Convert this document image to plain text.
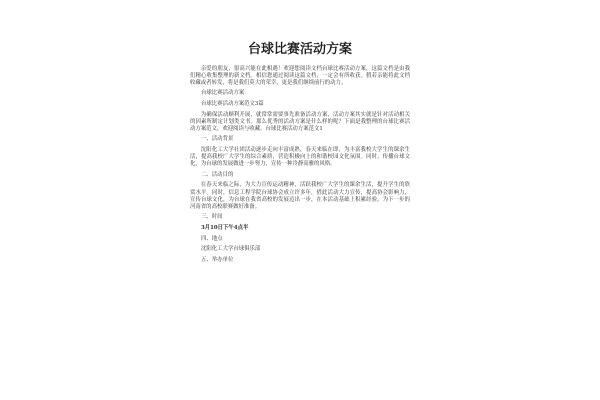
台球比赛活动方案

亲爱的朋友，很高兴能在此相遇！欢迎您阅读文档台球比赛活动方案，这篇文档是由我们精心收集整理的新文档。相信您通过阅读这篇文档，一定会有所收获。假若亲能将此文档收藏或者转发，将是我们莫大的荣幸，更是我们继续前行的动力。

台球比赛活动方案
台球比赛活动方案范文3篇

为确保活动顺利开展，就常常需要事先准备活动方案，活动方案其实就是针对活动相关的因素所制定计划类文书。那么优秀的活动方案是什么样的呢？下面是我整理的台球比赛活动方案范文，欢迎阅读与收藏。台球比赛活动方案范文1

一、活动背景

沈阳化工大学社团活动逐步走向丰富成熟，春天来临在即，为丰富我校大学生的课余生活，提高我校广大学生的综合素质，营造积极向上的和谐校园文化氛围。同时，传播台球文化，为台球的发展做进一步努力，宣传一种冷静高雅的风格。

二、活动目的

在春天来临之际，为大力宣传运动精神，活跃我校广大学生的课余生活，提升学生的欣赏水平。同时，信息工程学院台球协会成立许多年，借此活动大力宣传，提高协会影响力，宣传台球文化，为台球在我省高校的发展迈出一步，在本活动基础上积累经验，为下一步的河南省的高校联赛做好准备。

三、时间
3月10日下午4点半
四、地点
沈阳化工大学台球俱乐部
五、举办单位
